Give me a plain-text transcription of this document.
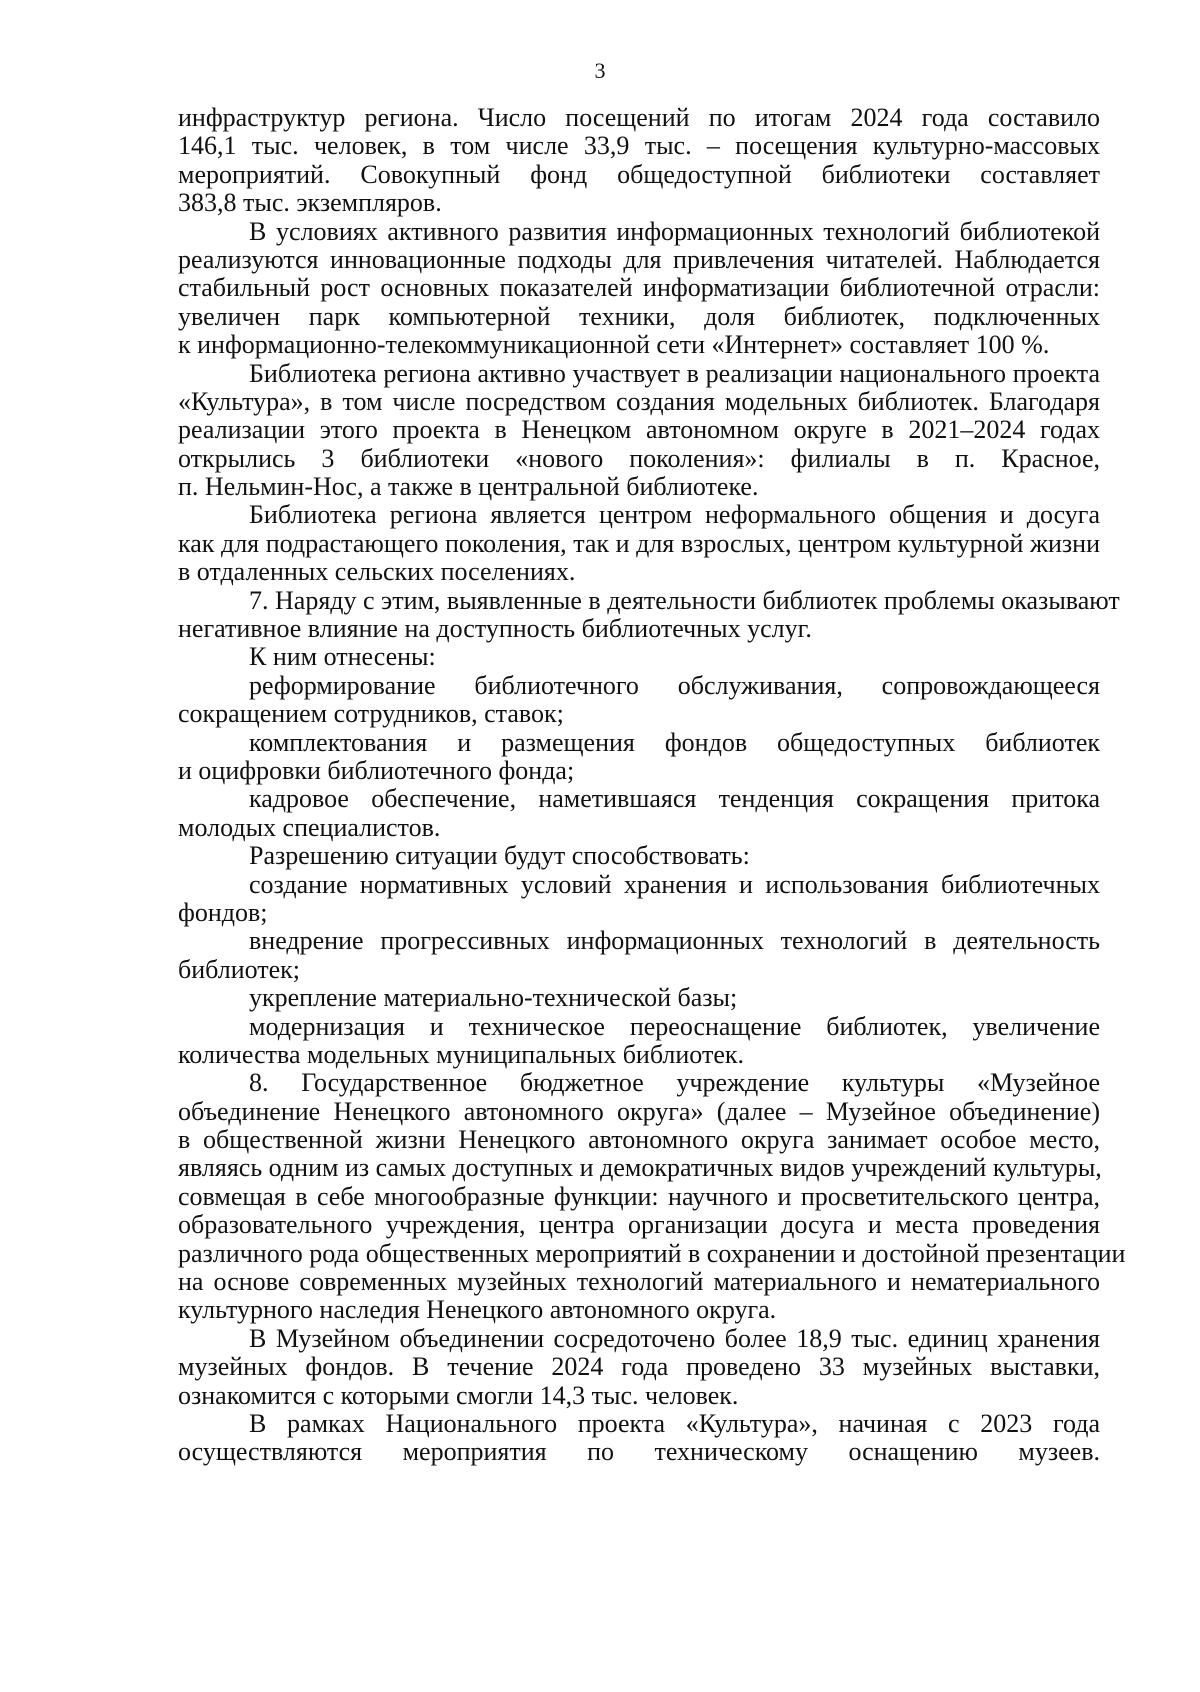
3
инфраструктур региона. Число посещений по итогам 2024 года составило
146,1 тыс. человек, в том числе 33,9 тыс. – посещения культурно-массовых
мероприятий. Совокупный фонд общедоступной библиотеки составляет
383,8 тыс. экземпляров.
В условиях активного развития информационных технологий библиотекой
реализуются инновационные подходы для привлечения читателей. Наблюдается
стабильный рост основных показателей информатизации библиотечной отрасли:
увеличен парк компьютерной техники, доля библиотек, подключенных
к информационно-телекоммуникационной сети «Интернет» составляет 100 %.
Библиотека региона активно участвует в реализации национального проекта
«Культура», в том числе посредством создания модельных библиотек. Благодаря
реализации этого проекта в Ненецком автономном округе в 2021–2024 годах
открылись 3 библиотеки «нового поколения»: филиалы в п. Красное,
п. Нельмин-Нос, а также в центральной библиотеке.
Библиотека региона является центром неформального общения и досуга
как для подрастающего поколения, так и для взрослых, центром культурной жизни
в отдаленных сельских поселениях.
7. Наряду с этим, выявленные в деятельности библиотек проблемы оказывают
негативное влияние на доступность библиотечных услуг.
К ним отнесены:
реформирование библиотечного обслуживания, сопровождающееся
сокращением сотрудников, ставок;
комплектования и размещения фондов общедоступных библиотек
и оцифровки библиотечного фонда;
кадровое обеспечение, наметившаяся тенденция сокращения притока
молодых специалистов.
Разрешению ситуации будут способствовать:
создание нормативных условий хранения и использования библиотечных
фондов;
внедрение прогрессивных информационных технологий в деятельность
библиотек;
укрепление материально-технической базы;
модернизация и техническое переоснащение библиотек, увеличение
количества модельных муниципальных библиотек.
8. Государственное бюджетное учреждение культуры «Музейное
объединение Ненецкого автономного округа» (далее – Музейное объединение)
в общественной жизни Ненецкого автономного округа занимает особое место,
являясь одним из самых доступных и демократичных видов учреждений культуры,
совмещая в себе многообразные функции: научного и просветительского центра,
образовательного учреждения, центра организации досуга и места проведения
различного рода общественных мероприятий в сохранении и достойной презентации
на основе современных музейных технологий материального и нематериального
культурного наследия Ненецкого автономного округа.
В Музейном объединении сосредоточено более 18,9 тыс. единиц хранения
музейных фондов. В течение 2024 года проведено 33 музейных выставки,
ознакомится с которыми смогли 14,3 тыс. человек.
В рамках Национального проекта «Культура», начиная с 2023 года
осуществляются мероприятия по техническому оснащению музеев.
